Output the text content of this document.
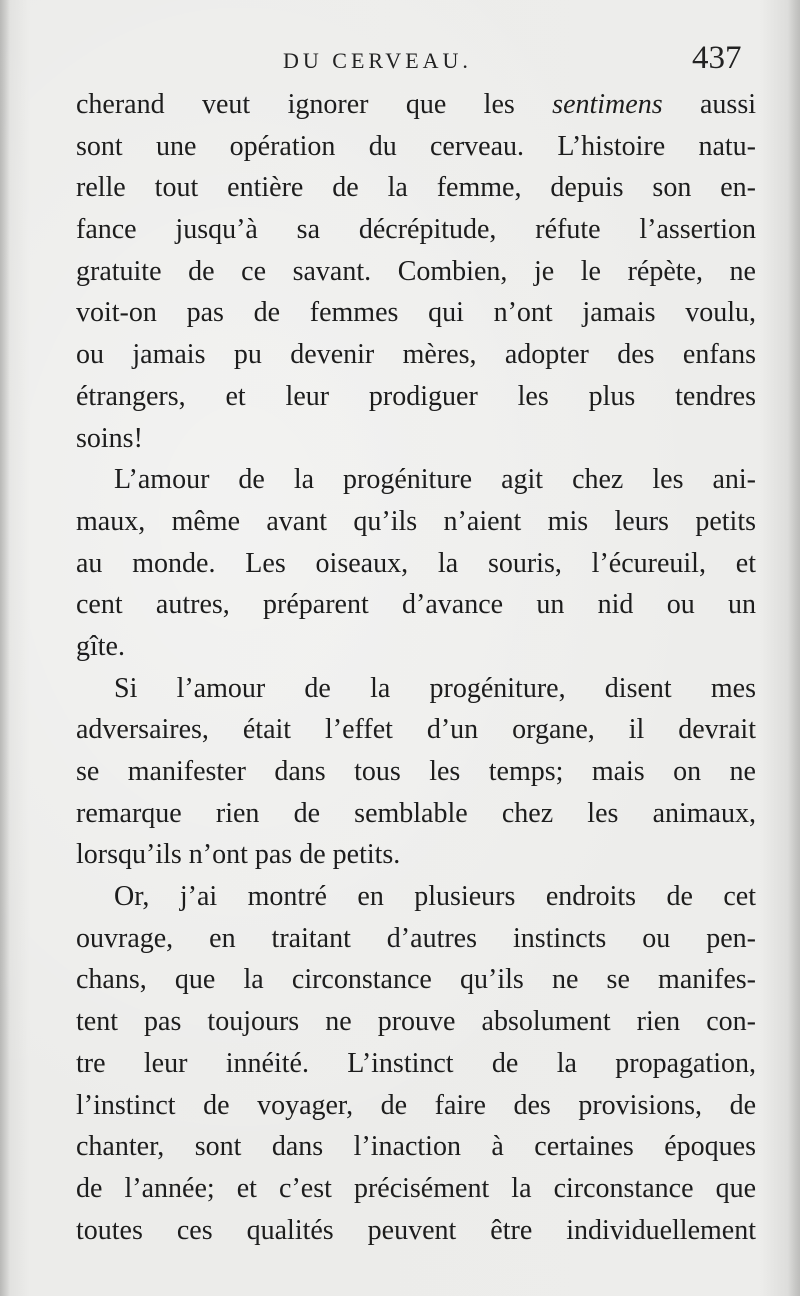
DU CERVEAU.	437
cherand veut ignorer que les sentimens aussi
sont une opération du cerveau. L’histoire natu-
relle tout entière de la femme, depuis son en-
fance jusqu’à sa décrépitude, réfute l’assertion
gratuite de ce savant. Combien, je le répète, ne
voit-on pas de femmes qui n’ont jamais voulu,
ou jamais pu devenir mères, adopter des enfans
étrangers, et leur prodiguer les plus tendres
soins!
L’amour de la progéniture agit chez les ani-
maux, même avant qu’ils n’aient mis leurs petits
au monde. Les oiseaux, la souris, l’écureuil, et
cent autres, préparent d’avance un nid ou un
gîte.
Si l’amour de la progéniture, disent mes
adversaires, était l’effet d’un organe, il devrait
se manifester dans tous les temps; mais on ne
remarque rien de semblable chez les animaux,
lorsqu’ils n’ont pas de petits.
Or, j’ai montré en plusieurs endroits de cet
ouvrage, en traitant d’autres instincts ou pen-
chans, que la circonstance qu’ils ne se manifes-
tent pas toujours ne prouve absolument rien con-
tre leur innéité. L’instinct de la propagation,
l’instinct de voyager, de faire des provisions, de
chanter, sont dans l’inaction à certaines époques
de l’année; et c’est précisément la circonstance que
toutes ces qualités peuvent être individuellement
